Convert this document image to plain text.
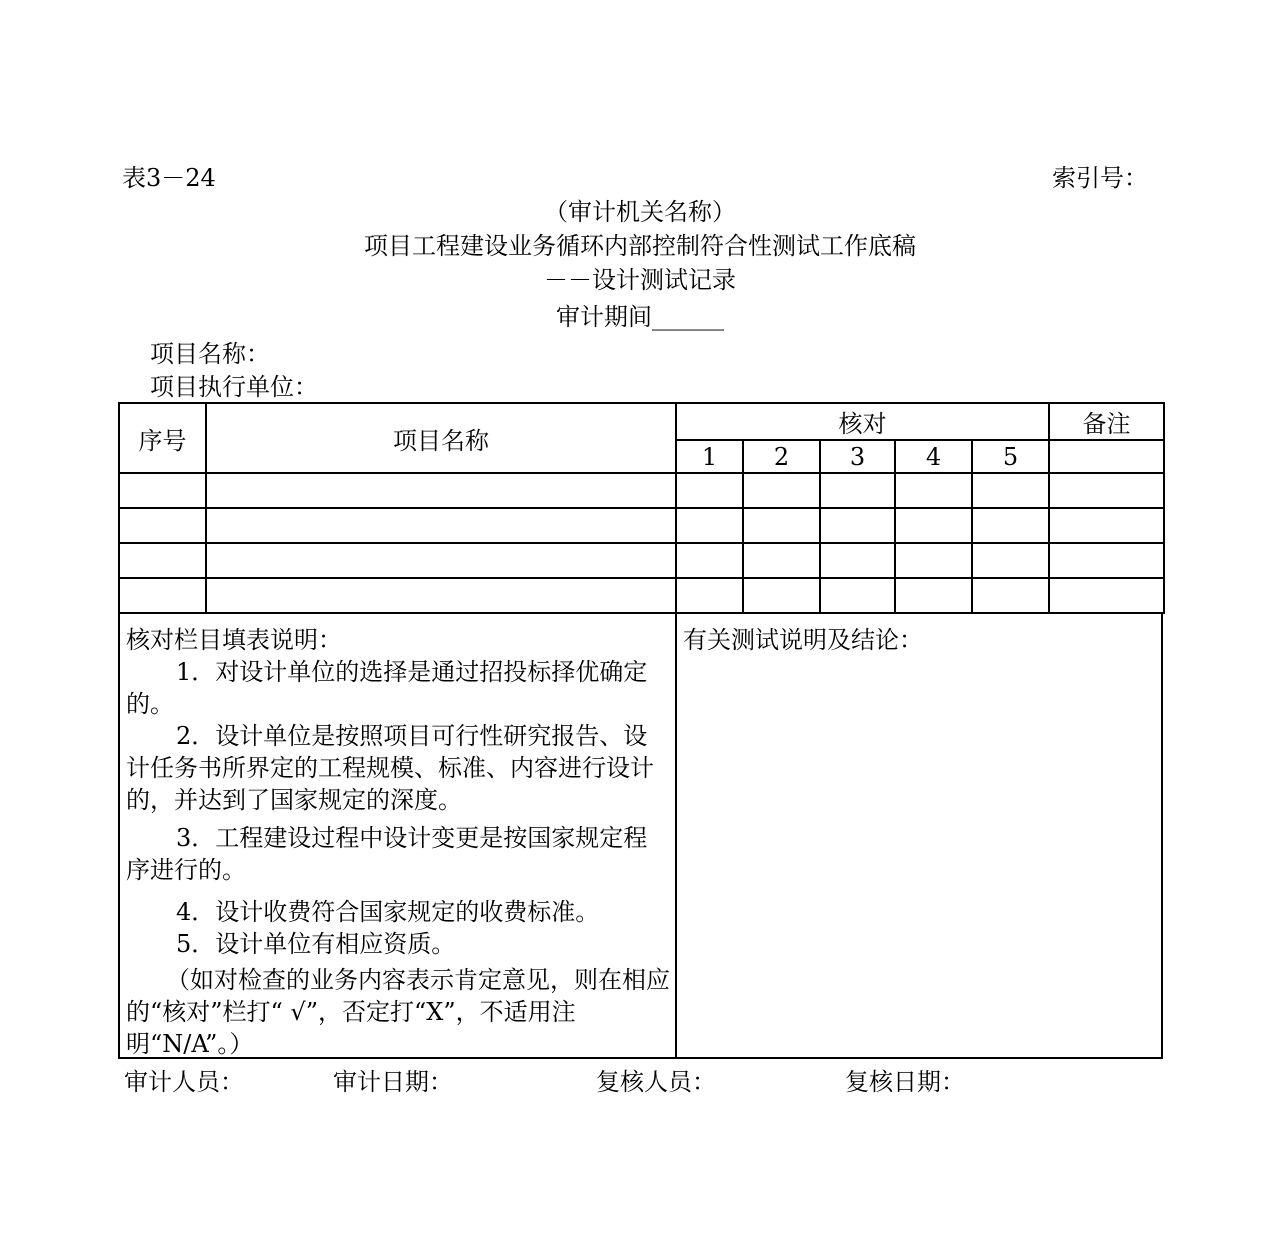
表3－24	索引号：
（审计机关名称）
项目工程建设业务循环内部控制符合性测试工作底稿
－－设计测试记录
审计期间______
项目名称：
项目执行单位：
序号	项目名称	核对					备注
		1	2	3	4	5	

核对栏目填表说明：
1．对设计单位的选择是通过招投标择优确定的。
2．设计单位是按照项目可行性研究报告、设计任务书所界定的工程规模、标准、内容进行设计的，并达到了国家规定的深度。
3．工程建设过程中设计变更是按国家规定程序进行的。
4．设计收费符合国家规定的收费标准。
5．设计单位有相应资质。
（如对检查的业务内容表示肯定意见，则在相应的“核对”栏打“ √”，否定打“X”，不适用注明“N/A”。）
有关测试说明及结论：
审计人员：	审计日期：	复核人员：	复核日期：
